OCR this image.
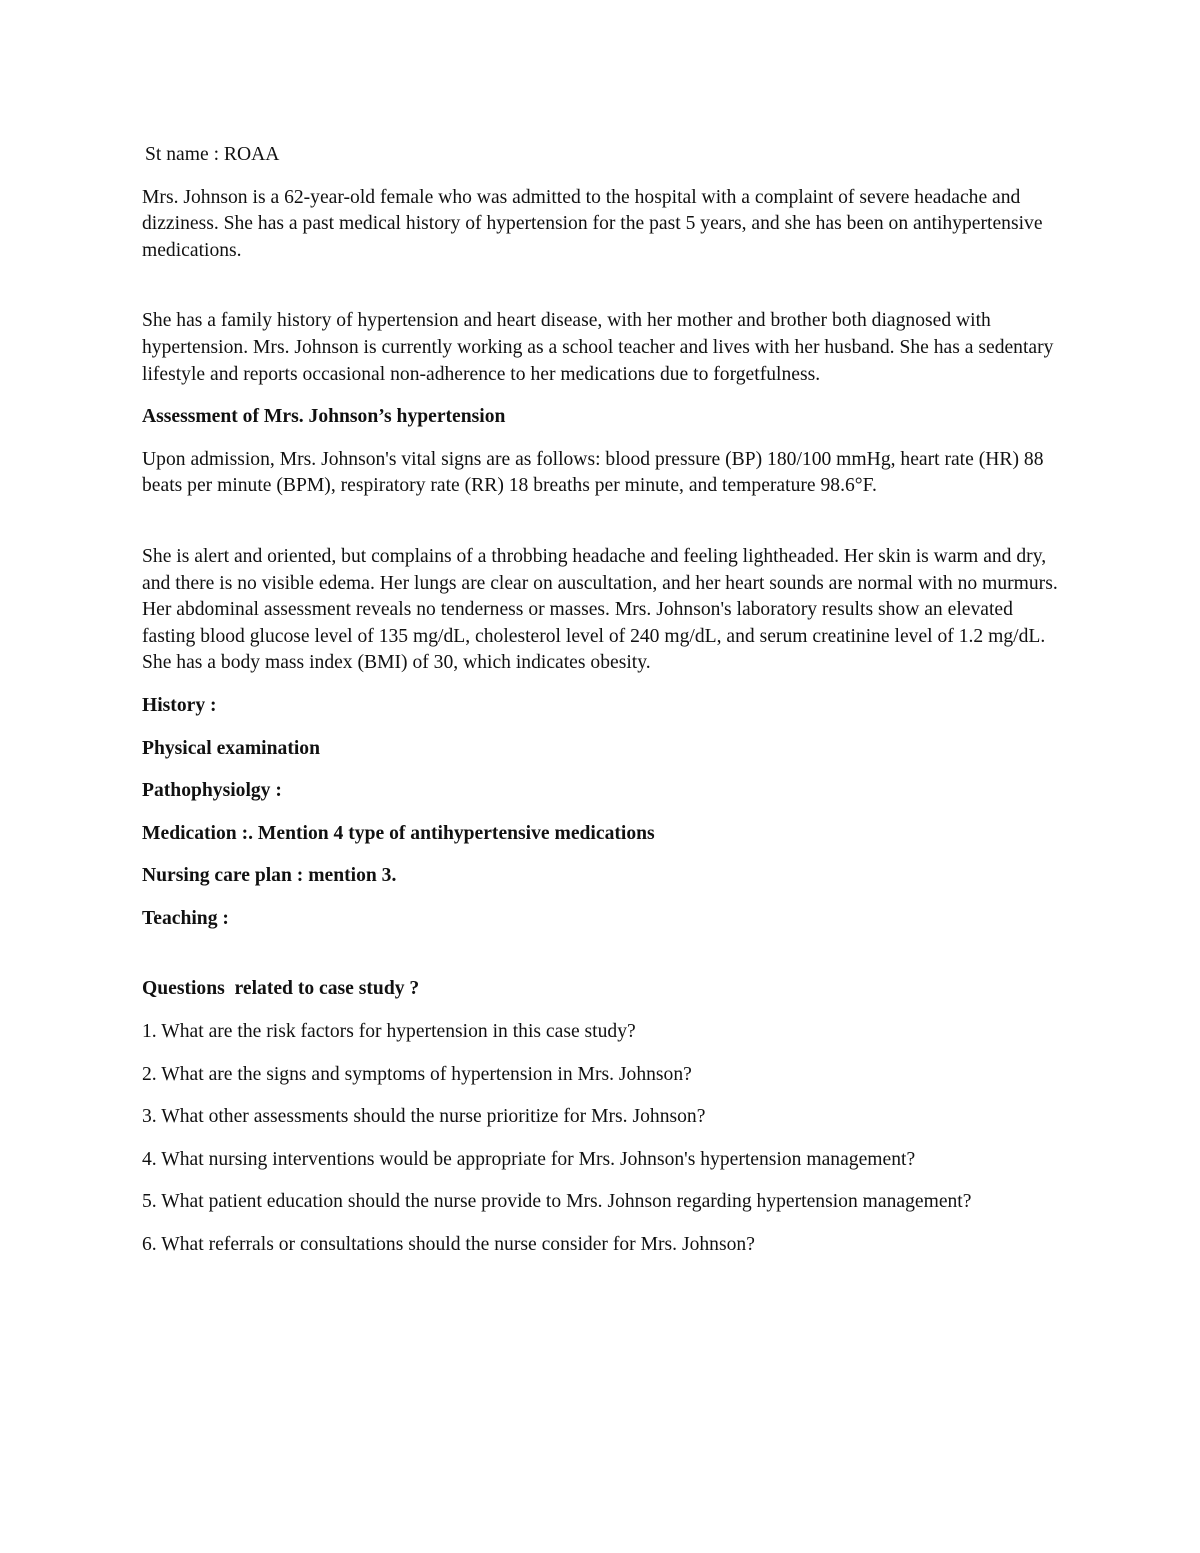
St name : ROAA

Mrs. Johnson is a 62-year-old female who was admitted to the hospital with a complaint of severe headache and dizziness. She has a past medical history of hypertension for the past 5 years, and she has been on antihypertensive medications.

She has a family history of hypertension and heart disease, with her mother and brother both diagnosed with hypertension. Mrs. Johnson is currently working as a school teacher and lives with her husband. She has a sedentary lifestyle and reports occasional non-adherence to her medications due to forgetfulness.

Assessment of Mrs. Johnson’s hypertension

Upon admission, Mrs. Johnson's vital signs are as follows: blood pressure (BP) 180/100 mmHg, heart rate (HR) 88 beats per minute (BPM), respiratory rate (RR) 18 breaths per minute, and temperature 98.6°F.

She is alert and oriented, but complains of a throbbing headache and feeling lightheaded. Her skin is warm and dry, and there is no visible edema. Her lungs are clear on auscultation, and her heart sounds are normal with no murmurs. Her abdominal assessment reveals no tenderness or masses. Mrs. Johnson's laboratory results show an elevated fasting blood glucose level of 135 mg/dL, cholesterol level of 240 mg/dL, and serum creatinine level of 1.2 mg/dL. She has a body mass index (BMI) of 30, which indicates obesity.

History :

Physical examination

Pathophysiolgy :

Medication :. Mention 4 type of antihypertensive medications

Nursing care plan : mention 3.

Teaching :

Questions  related to case study ?

1. What are the risk factors for hypertension in this case study?

2. What are the signs and symptoms of hypertension in Mrs. Johnson?

3. What other assessments should the nurse prioritize for Mrs. Johnson?

4. What nursing interventions would be appropriate for Mrs. Johnson's hypertension management?

5. What patient education should the nurse provide to Mrs. Johnson regarding hypertension management?

6. What referrals or consultations should the nurse consider for Mrs. Johnson?
